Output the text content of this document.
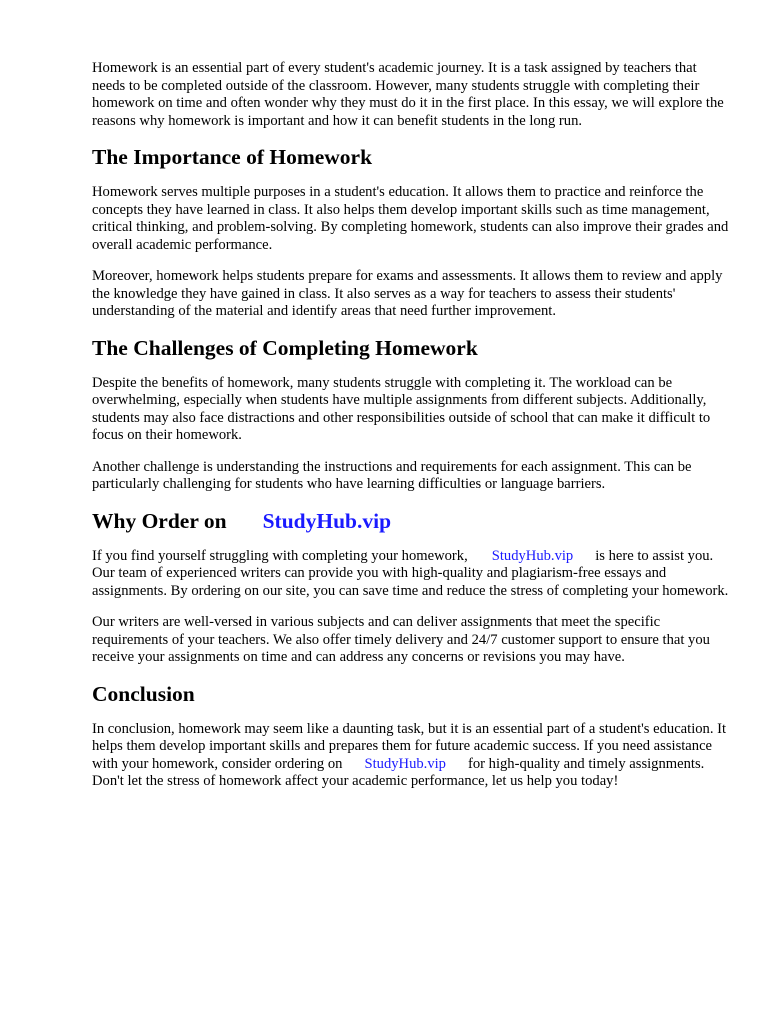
Homework is an essential part of every student's academic journey. It is a task assigned by teachers that needs to be completed outside of the classroom. However, many students struggle with completing their homework on time and often wonder why they must do it in the first place. In this essay, we will explore the reasons why homework is important and how it can benefit students in the long run.

The Importance of Homework

Homework serves multiple purposes in a student's education. It allows them to practice and reinforce the concepts they have learned in class. It also helps them develop important skills such as time management, critical thinking, and problem-solving. By completing homework, students can also improve their grades and overall academic performance.

Moreover, homework helps students prepare for exams and assessments. It allows them to review and apply the knowledge they have gained in class. It also serves as a way for teachers to assess their students' understanding of the material and identify areas that need further improvement.

The Challenges of Completing Homework

Despite the benefits of homework, many students struggle with completing it. The workload can be overwhelming, especially when students have multiple assignments from different subjects. Additionally, students may also face distractions and other responsibilities outside of school that can make it difficult to focus on their homework.

Another challenge is understanding the instructions and requirements for each assignment. This can be particularly challenging for students who have learning difficulties or language barriers.

Why Order on StudyHub.vip

If you find yourself struggling with completing your homework, StudyHub.vip is here to assist you. Our team of experienced writers can provide you with high-quality and plagiarism-free essays and assignments. By ordering on our site, you can save time and reduce the stress of completing your homework.

Our writers are well-versed in various subjects and can deliver assignments that meet the specific requirements of your teachers. We also offer timely delivery and 24/7 customer support to ensure that you receive your assignments on time and can address any concerns or revisions you may have.

Conclusion

In conclusion, homework may seem like a daunting task, but it is an essential part of a student's education. It helps them develop important skills and prepares them for future academic success. If you need assistance with your homework, consider ordering on StudyHub.vip for high-quality and timely assignments. Don't let the stress of homework affect your academic performance, let us help you today!
